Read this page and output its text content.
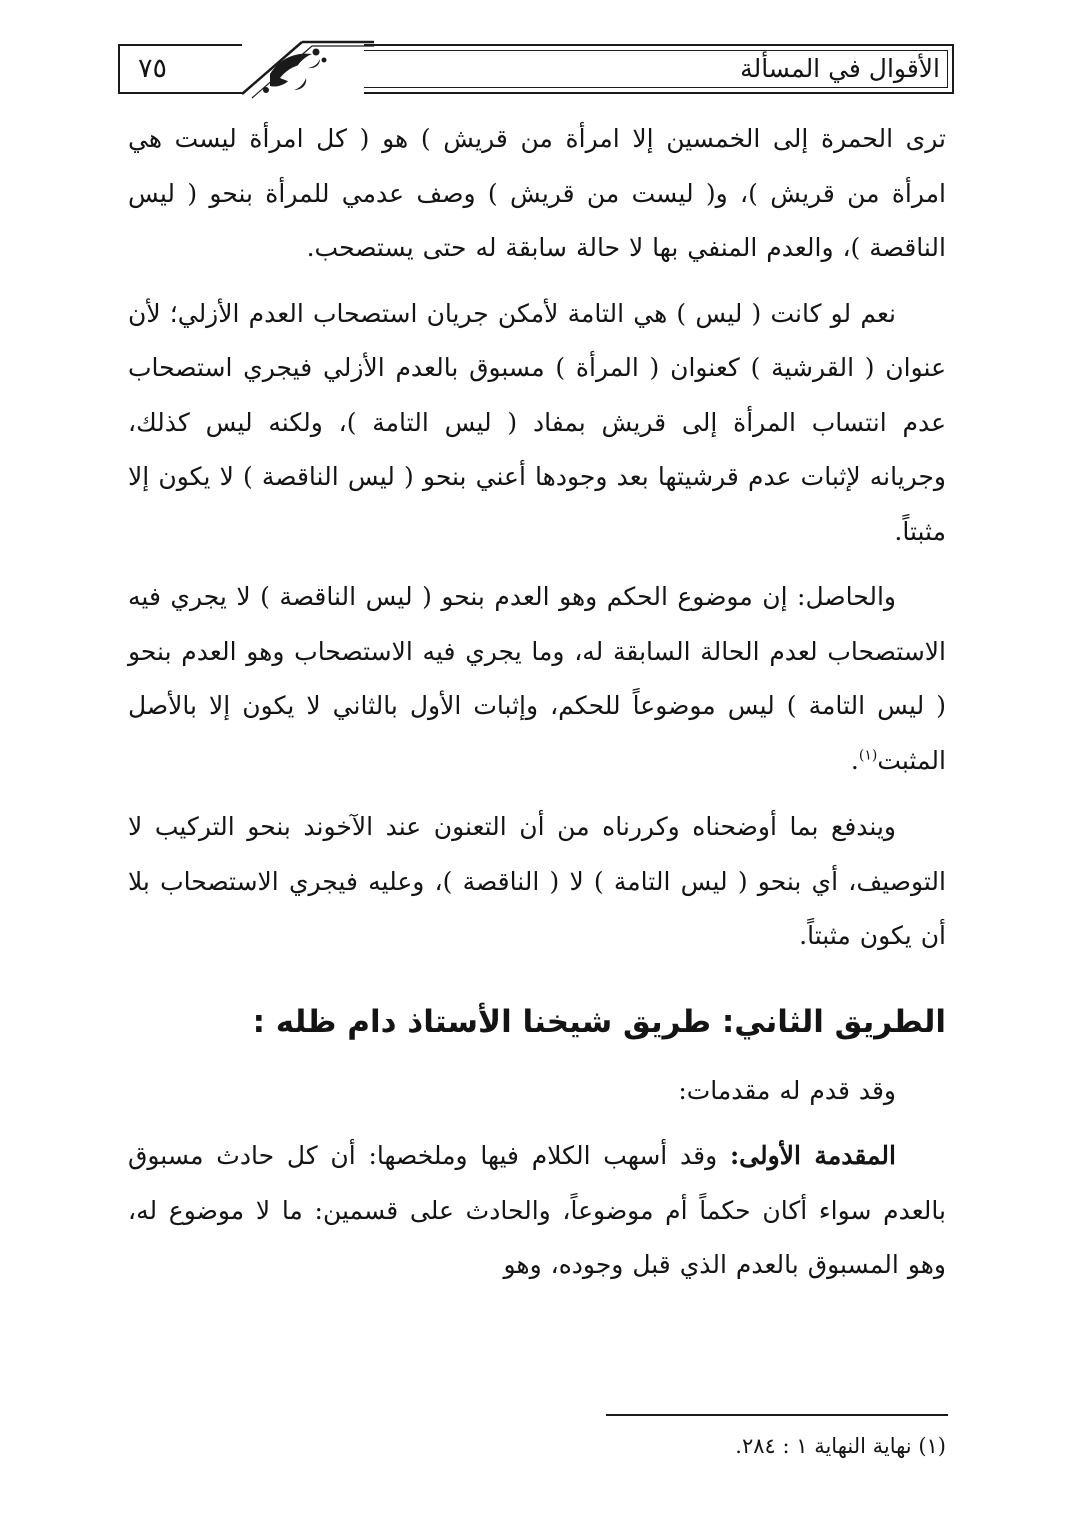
الأقوال في المسألة
٧٥

ترى الحمرة إلى الخمسين إلا امرأة من قريش ) هو ( كل امرأة ليست هي امرأة من قريش )، و( ليست من قريش ) وصف عدمي للمرأة بنحو ( ليس الناقصة )، والعدم المنفي بها لا حالة سابقة له حتى يستصحب.

نعم لو كانت ( ليس ) هي التامة لأمكن جريان استصحاب العدم الأزلي؛ لأن عنوان ( القرشية ) كعنوان ( المرأة ) مسبوق بالعدم الأزلي فيجري استصحاب عدم انتساب المرأة إلى قريش بمفاد ( ليس التامة )، ولكنه ليس كذلك، وجريانه لإثبات عدم قرشيتها بعد وجودها أعني بنحو ( ليس الناقصة ) لا يكون إلا مثبتاً.

والحاصل: إن موضوع الحكم وهو العدم بنحو ( ليس الناقصة ) لا يجري فيه الاستصحاب لعدم الحالة السابقة له، وما يجري فيه الاستصحاب وهو العدم بنحو ( ليس التامة ) ليس موضوعاً للحكم، وإثبات الأول بالثاني لا يكون إلا بالأصل المثبت$^{(١)}$.

ويندفع بما أوضحناه وكررناه من أن التعنون عند الآخوند بنحو التركيب لا التوصيف، أي بنحو ( ليس التامة ) لا ( الناقصة )، وعليه فيجري الاستصحاب بلا أن يكون مثبتاً.

الطريق الثاني: طريق شيخنا الأستاذ دام ظله :

وقد قدم له مقدمات:

المقدمة الأولى: وقد أسهب الكلام فيها وملخصها: أن كل حادث مسبوق بالعدم سواء أكان حكماً أم موضوعاً، والحادث على قسمين: ما لا موضوع له، وهو المسبوق بالعدم الذي قبل وجوده، وهو

(١) نهاية النهاية ١ : ٢٨٤.
